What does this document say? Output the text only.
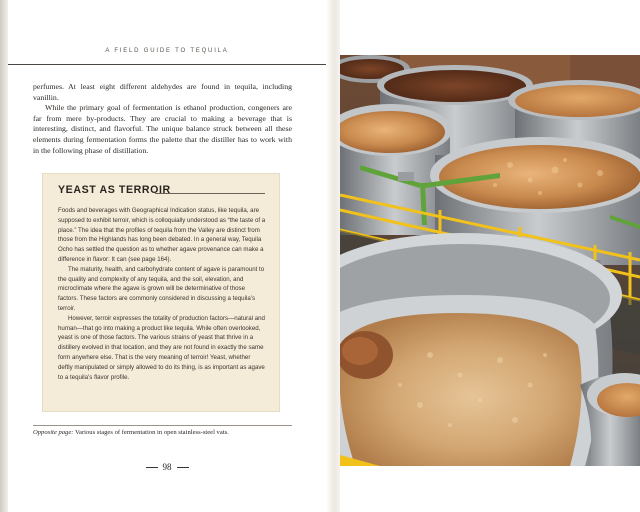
A FIELD GUIDE TO TEQUILA

perfumes. At least eight different aldehydes are found in tequila, including vanillin.

While the primary goal of fermentation is ethanol production, congeners are far from mere by-products. They are crucial to making a beverage that is interesting, distinct, and flavorful. The unique balance struck between all these elements during fermentation forms the palette that the distiller has to work with in the following phase of distillation.

YEAST AS TERROIR

Foods and beverages with Geographical Indication status, like tequila, are supposed to exhibit terroir, which is colloquially understood as “the taste of a place.” The idea that the profiles of tequila from the Valley are distinct from those from the Highlands has long been debated. In a general way, Tequila Ocho has settled the question as to whether agave provenance can make a difference in flavor: It can (see page 164).

The maturity, health, and carbohydrate content of agave is paramount to the quality and complexity of any tequila, and the soil, elevation, and microclimate where the agave is grown will be determinative of those factors. These factors are commonly considered in discussing a tequila’s terroir.

However, terroir expresses the totality of production factors—natural and human—that go into making a product like tequila. While often overlooked, yeast is one of those factors. The various strains of yeast that thrive in a distillery evolved in that location, and they are not found in exactly the same form anywhere else. That is the very meaning of terroir! Yeast, whether deftly manipulated or simply allowed to do its thing, is as important as agave to a tequila’s flavor profile.

Opposite page: Various stages of fermentation in open stainless-steel vats.
98
